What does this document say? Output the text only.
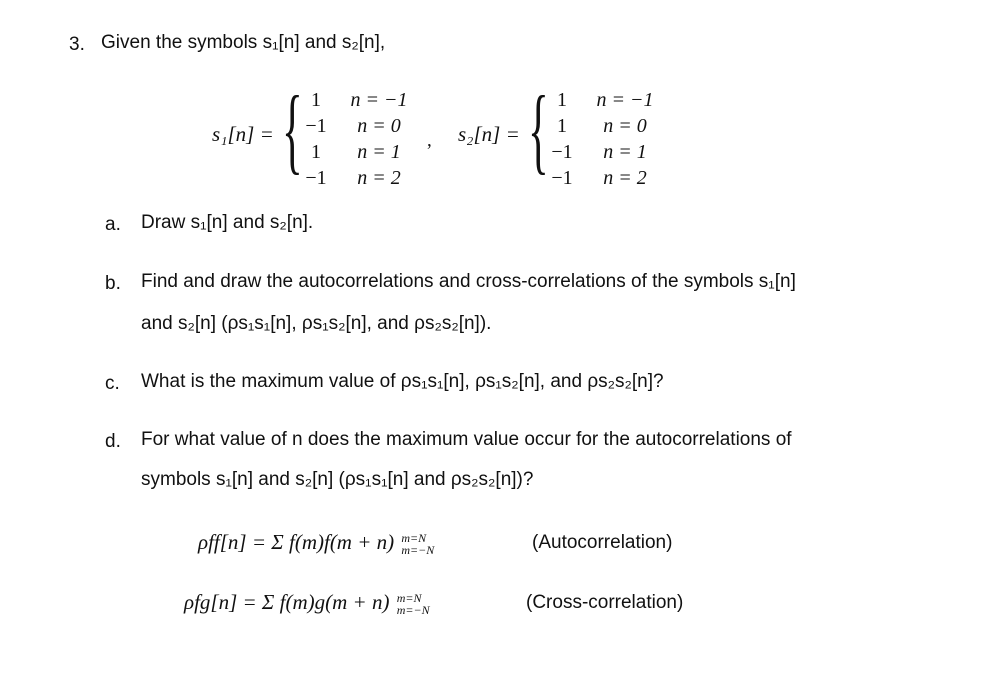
3. Given the symbols s₁[n] and s₂[n],
s₁[n] = { 1	n = −1
−1	n = 0
1	n = 1
−1	n = 2
, s₂[n] = { 1	n = −1
1	n = 0
−1	n = 1
−1	n = 2
a. Draw s₁[n] and s₂[n].
b. Find and draw the autocorrelations and cross-correlations of the symbols s₁[n]
and s₂[n] (ρs₁s₁[n], ρs₁s₂[n], and ρs₂s₂[n]).
c. What is the maximum value of ρs₁s₁[n], ρs₁s₂[n], and ρs₂s₂[n]?
d. For what value of n does the maximum value occur for the autocorrelations of
symbols s₁[n] and s₂[n] (ρs₁s₁[n] and ρs₂s₂[n])?
ρff[n] = Σ f(m)f(m + n) m=N
m=−N	(Autocorrelation)
ρfg[n] = Σ f(m)g(m + n) m=N
m=−N	(Cross-correlation)
